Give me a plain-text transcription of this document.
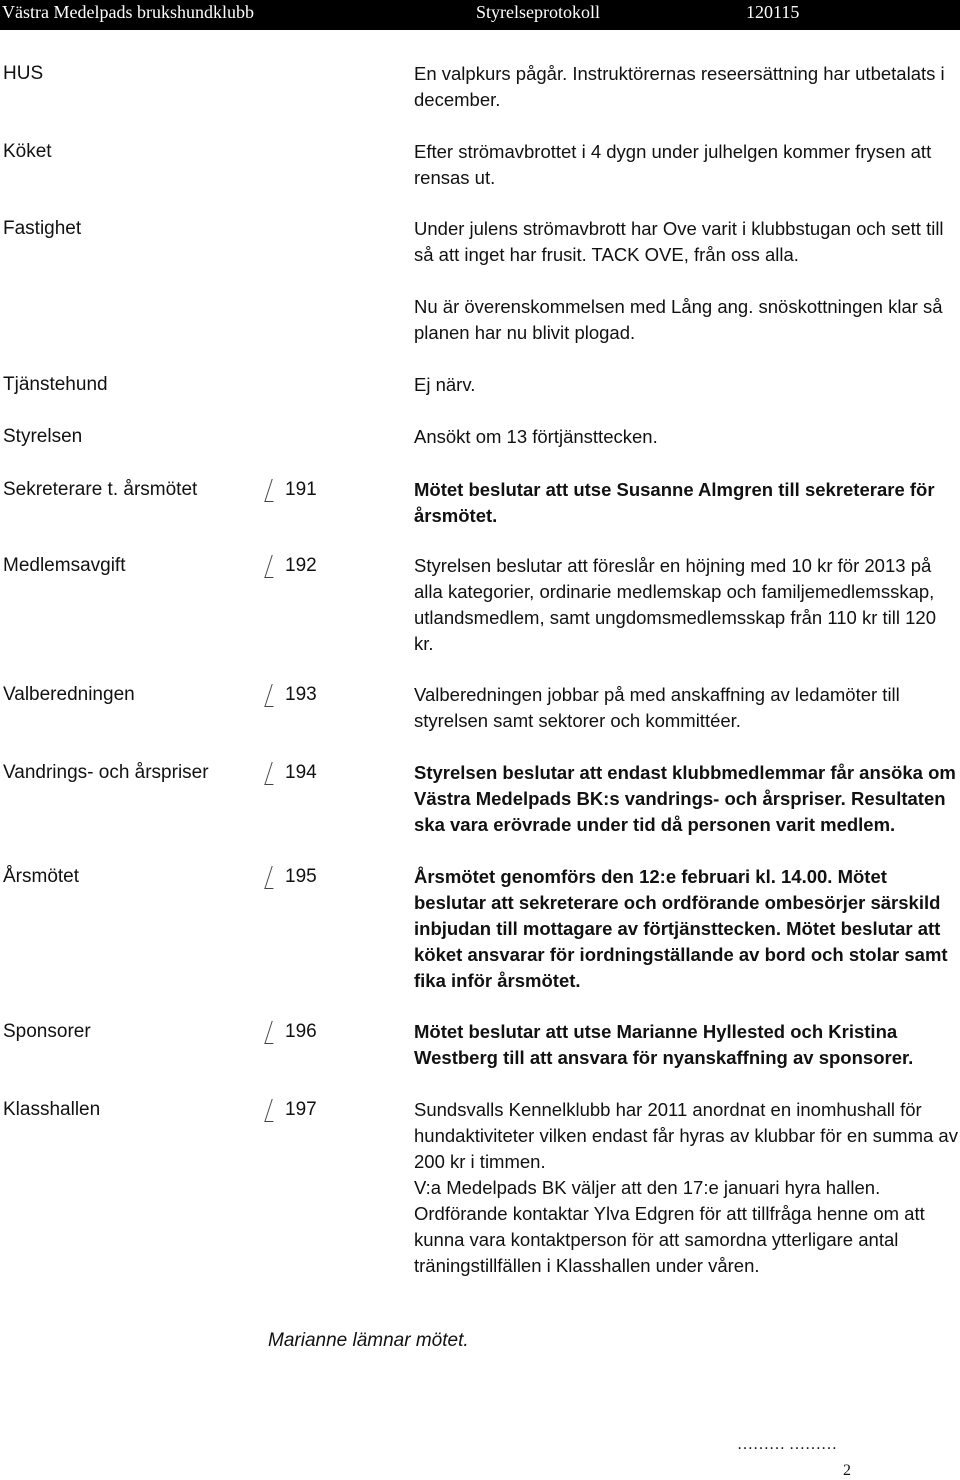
Västra Medelpads brukshundklubb	Styrelseprotokoll	120115
HUS
Köket
Fastighet
Tjänstehund
Styrelsen
Sekreterare t. årsmötet
Medlemsavgift
Valberedningen
Vandrings- och årspriser
Årsmötet
Sponsorer
Klasshallen
191
192
193
194
195
196
197
En valpkurs pågår. Instruktörernas reseersättning har utbetalats i december.
Efter strömavbrottet i 4 dygn under julhelgen kommer frysen att rensas ut.
Under julens strömavbrott har Ove varit i klubbstugan och sett till så att inget har frusit. TACK OVE, från oss alla.
Nu är överenskommelsen med Lång ang. snöskottningen klar så planen har nu blivit plogad.
Ej närv.
Ansökt om 13 förtjänsttecken.
Mötet beslutar att utse Susanne Almgren till sekreterare för årsmötet.
Styrelsen beslutar att föreslår en höjning med 10 kr för 2013 på alla kategorier, ordinarie medlemskap och familjemedlemsskap, utlandsmedlem, samt ungdomsmedlemsskap från 110 kr till 120 kr.
Valberedningen jobbar på med anskaffning av ledamöter till styrelsen samt sektorer och kommittéer.
Styrelsen beslutar att endast klubbmedlemmar får ansöka om Västra Medelpads BK:s vandrings- och årspriser. Resultaten ska vara erövrade under tid då personen varit medlem.
Årsmötet genomförs den 12:e februari kl. 14.00. Mötet beslutar att sekreterare och ordförande ombesörjer särskild inbjudan till mottagare av förtjänsttecken. Mötet beslutar att köket ansvarar för iordningställande av bord och stolar samt fika inför årsmötet.
Mötet beslutar att utse Marianne Hyllested och Kristina Westberg till att ansvara för nyanskaffning av sponsorer.
Sundsvalls Kennelklubb har 2011 anordnat en inomhushall för hundaktiviteter vilken endast får hyras av klubbar för en summa av 200 kr i timmen.
V:a Medelpads BK väljer att den 17:e januari hyra hallen.
Ordförande kontaktar Ylva Edgren för att tillfråga henne om att kunna vara kontaktperson för att samordna ytterligare antal träningstillfällen i Klasshallen under våren.
Marianne lämnar mötet.
……… ………
2
